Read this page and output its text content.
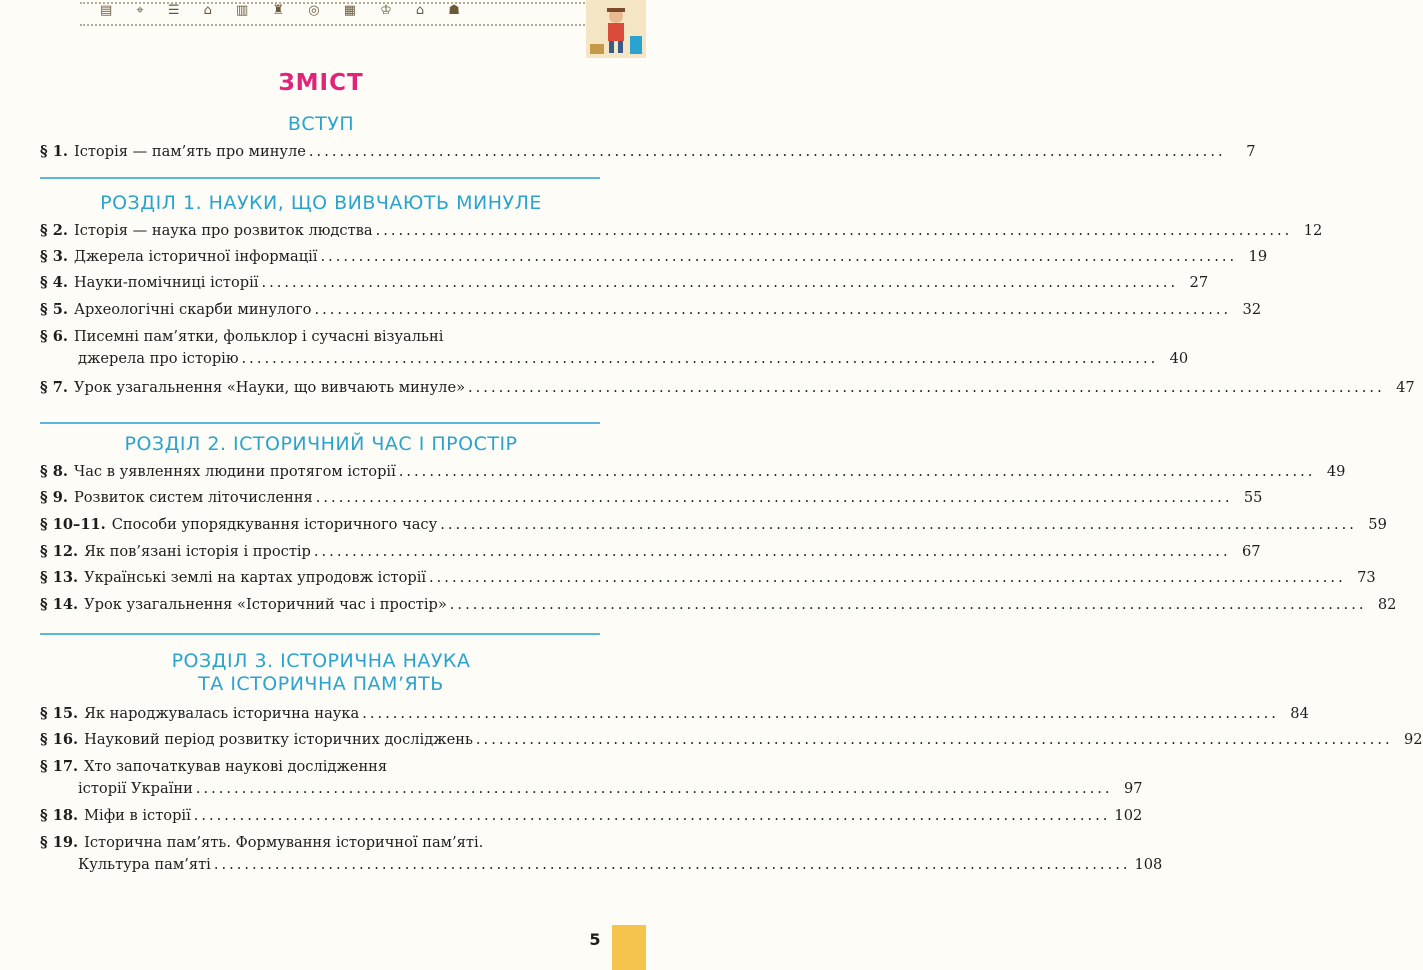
▤ ⌖ ☰ ⌂ ▥ ♜ ◎ ▦ ♔ ⌂ ☗
ЗМІСТ
ВСТУП
§ 1. Історія — пам’ять про минуле ........................................................................................................................	7
РОЗДІЛ 1. НАУКИ, ЩО ВИВЧАЮТЬ МИНУЛЕ
§ 2. Історія — наука про розвиток людства ........................................................................................................................ 12
§ 3. Джерела історичної інформації ........................................................................................................................ 19
§ 4. Науки-помічниці історії ........................................................................................................................ 27
§ 5. Археологічні скарби минулого ........................................................................................................................ 32
§ 6. Писемні пам’ятки, фольклор і сучасні візуальні
джерела про історію ........................................................................................................................ 40
§ 7. Урок узагальнення «Науки, що вивчають минуле» ........................................................................................................................ 47
РОЗДІЛ 2. ІСТОРИЧНИЙ ЧАС І ПРОСТІР
§ 8. Час в уявленнях людини протягом історії ........................................................................................................................ 49
§ 9. Розвиток систем літочислення ........................................................................................................................ 55
§ 10–11. Способи упорядкування історичного часу ........................................................................................................................ 59
§ 12. Як пов’язані історія і простір ........................................................................................................................ 67
§ 13. Українські землі на картах упродовж історії ........................................................................................................................ 73
§ 14. Урок узагальнення «Історичний час і простір» ........................................................................................................................ 82
РОЗДІЛ 3. ІСТОРИЧНА НАУКА
ТА ІСТОРИЧНА ПАМ’ЯТЬ
§ 15. Як народжувалась історична наука ........................................................................................................................ 84
§ 16. Науковий період розвитку історичних досліджень ........................................................................................................................ 92
§ 17. Хто започаткував наукові дослідження
історії України ........................................................................................................................ 97
§ 18. Міфи в історії ........................................................................................................................ 102
§ 19. Історична пам’ять. Формування історичної пам’яті.
Культура пам’яті ........................................................................................................................ 108
5
